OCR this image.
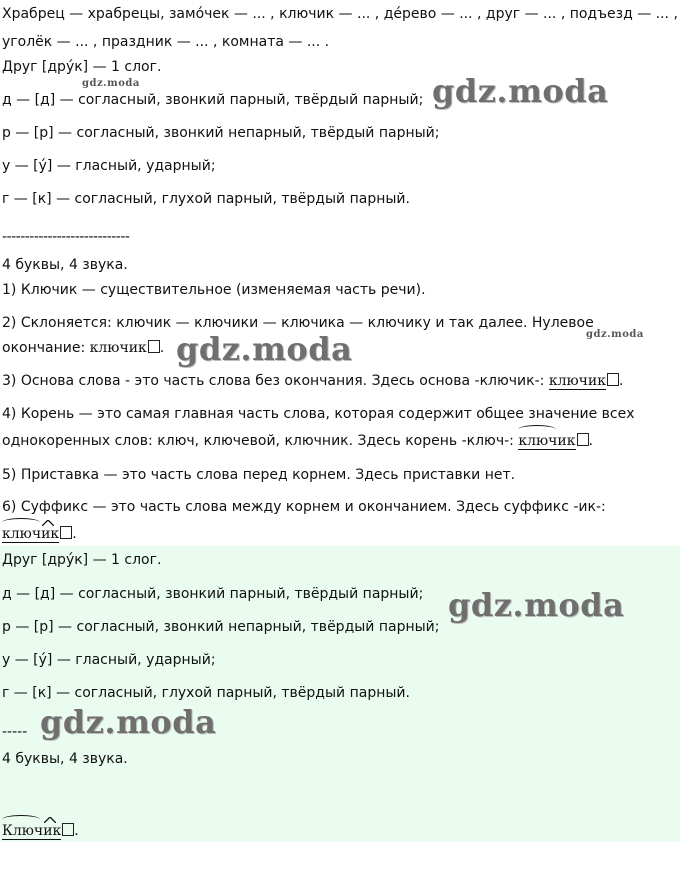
Храбрец — храбрецы, замо́чек — ... , ключик — ... , де́рево — ... , друг — ... , подъезд — ... ,
уголёк — ... , праздник — ... , комната — ... .
Друг [дру́к] — 1 слог.
д — [д] — согласный, звонкий парный, твёрдый парный;
р — [р] — согласный, звонкий непарный, твёрдый парный;
у — [у́] — гласный, ударный;
г — [к] — согласный, глухой парный, твёрдый парный.
----------------------------
4 буквы, 4 звука.
1) Ключик — существительное (изменяемая часть речи).
2) Склоняется: ключик — ключики — ключика — ключику и так далее. Нулевое
окончание: ключик .
3) Основа слова - это часть слова без окончания. Здесь основа -ключик-: ключик .
4) Корень — это самая главная часть слова, которая содержит общее значение всех
однокоренных слов: ключ, ключевой, ключник. Здесь корень -ключ-:
ключик .
5) Приставка — это часть слова перед корнем. Здесь приставки нет.
6) Суффикс — это часть слова между корнем и окончанием. Здесь суффикс -ик-:
ключ
ик .
Друг [дру́к] — 1 слог.
д — [д] — согласный, звонкий парный, твёрдый парный;
р — [р] — согласный, звонкий непарный, твёрдый парный;
у — [у́] — гласный, ударный;
г — [к] — согласный, глухой парный, твёрдый парный.
-----
4 буквы, 4 звука.
Ключ
ик .
gdz.moda	gdz.moda
gdz.moda
gdz.moda
gdz.moda
gdz.moda
